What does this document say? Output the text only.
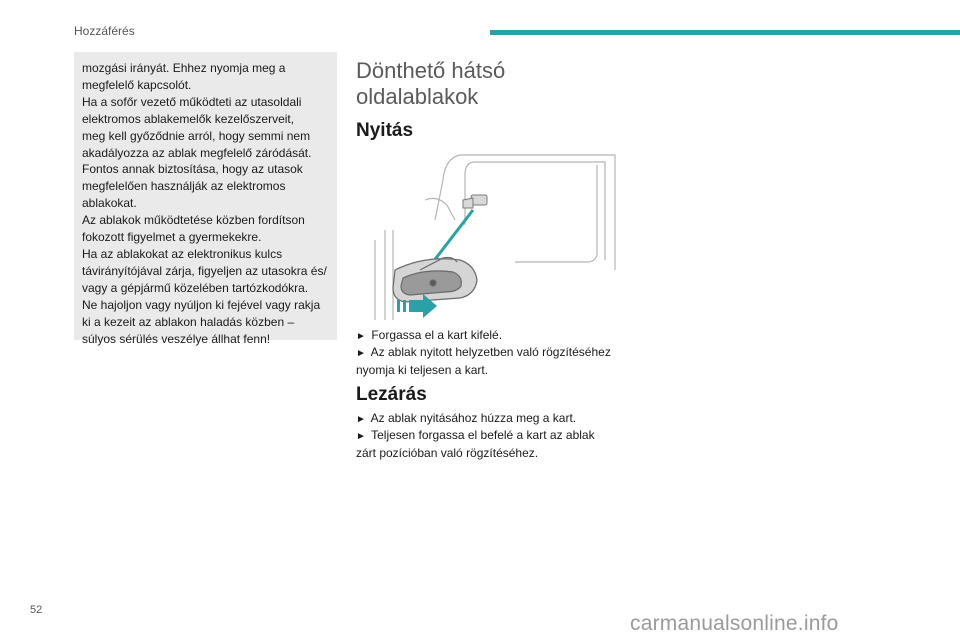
Hozzáférés
mozgási irányát. Ehhez nyomja meg a
megfelelő kapcsolót.
Ha a sofőr vezető működteti az utasoldali
elektromos ablakemelők kezelőszerveit,
meg kell győződnie arról, hogy semmi nem
akadályozza az ablak megfelelő záródását.
Fontos annak biztosítása, hogy az utasok
megfelelően használják az elektromos
ablakokat.
Az ablakok működtetése közben fordítson
fokozott figyelmet a gyermekekre.
Ha az ablakokat az elektronikus kulcs
távirányítójával zárja, figyeljen az utasokra és/
vagy a gépjármű közelében tartózkodókra.
Ne hajoljon vagy nyúljon ki fejével vagy rakja
ki a kezeit az ablakon haladás közben –
súlyos sérülés veszélye állhat fenn!
Dönthető hátsó
oldalablakok
Nyitás
► Forgassa el a kart kifelé.
► Az ablak nyitott helyzetben való rögzítéséhez
nyomja ki teljesen a kart.
Lezárás
► Az ablak nyitásához húzza meg a kart.
► Teljesen forgassa el befelé a kart az ablak
zárt pozícióban való rögzítéséhez.
52
carmanualsonline.info
